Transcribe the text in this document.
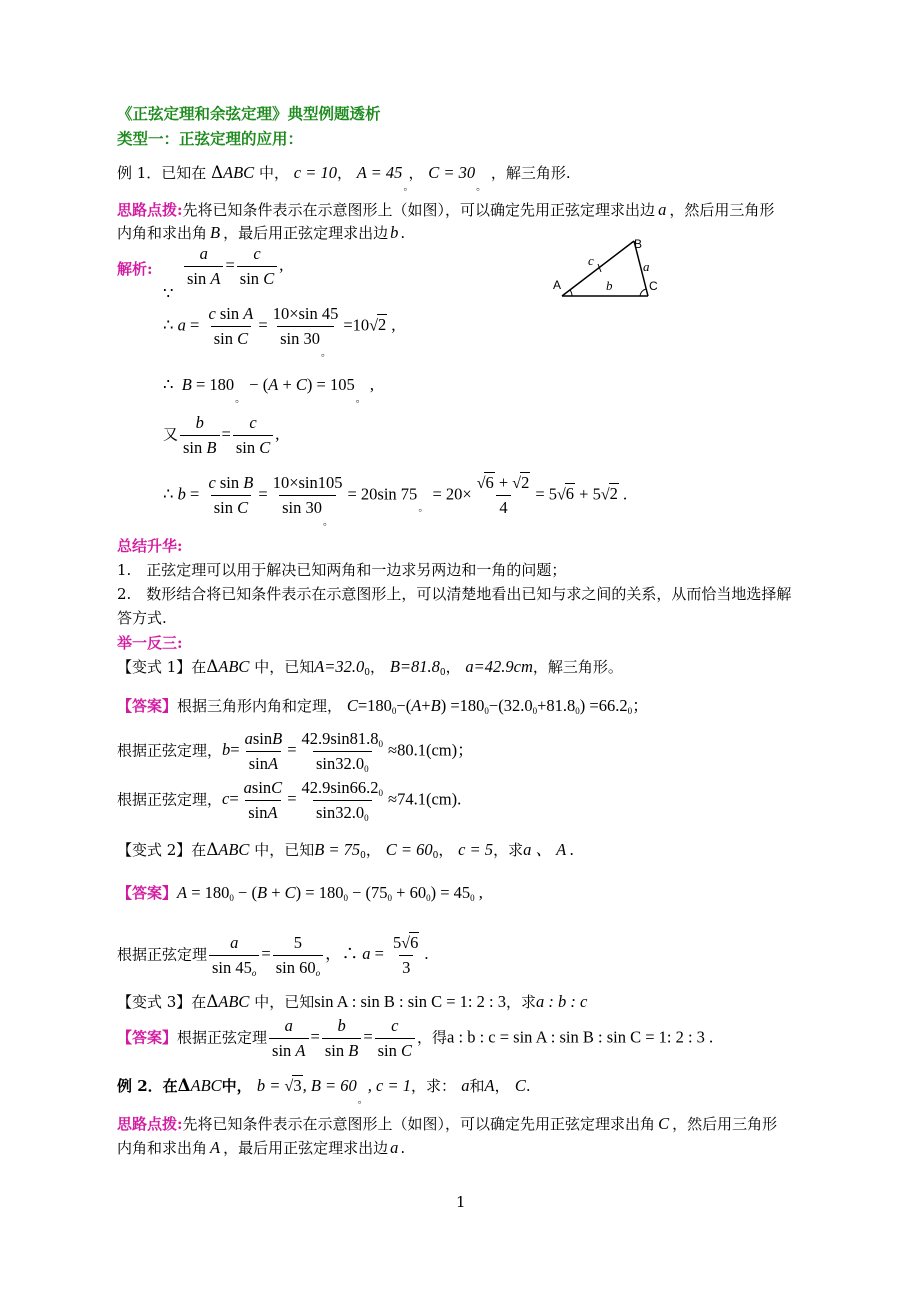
《正弦定理和余弦定理》典型例题透析
类型一：正弦定理的应用：
例 1．已知在 ΔABC 中， c = 10， $A = 45_。$， $C = 30_。$ ，解三角形.
思路点拨:先将已知条件表示在示意图形上（如图），可以确定先用正弦定理求出边 a ，然后用三角形
内角和求出角 B ，最后用正弦定理求出边 b .
解析: $\frac{a}{\text{sin A}} = \frac{c}{\text{sin C}}$ ,
∵
B
a
c
A	b	C
∴ $a = \frac{\text{c sin A}}{\text{sin C}} = \frac{10\times\sin 45}{\sin 30_。} =10√2$ ,
∴  $B = 180_。 - (A + C) = 105_。$ ,
又 $\frac{b}{\text{sin B}} = \frac{c}{\text{sin C}}$ ,
∴ $b = \frac{\text{c sin B}}{\text{sin C}} = \frac{10\times\sin 105}{\sin 30_。} = 20\sin$ $75_。 = 20\times \frac{√6 + √2}{4} = 5√6 + 5√2$ .
总结升华:
1.　正弦定理可以用于解决已知两角和一边求另两边和一角的问题；
2.　数形结合将已知条件表示在示意图形上，可以清楚地看出已知与求之间的关系，从而恰当地选择解
答方式.
举一反三:
【变式 1】在ΔABC 中，已知$A=32.0_0$， $B=81.8_0$， a=42.9cm，解三角形。
【答案】根据三角形内角和定理， C=1800−(A+B) =1800−(32.00+81.80) =66.20；
根据正弦定理，$b= \frac{asinB}{\sin A} = \frac{42.9\sin 81.80}{\sin 32.00} \approx 80.1(cm)$；
根据正弦定理，$c= \frac{asinC}{\sin A} = \frac{42.9\sin 66.20}{\sin 32.00} \approx 74.1(cm)$.
【变式 2】在ΔABC 中，已知$B = 75_0$， $C = 60_0$， c = 5，求a 、 A .
【答案】A = 1800 − (B + C) = 1800 − (750 + 600) = 450 ,
根据正弦定理 $\frac{a}{\sin 45o} = \frac{5}{\sin 60o}$ ，∴ $a = \frac{5√6}{3}$ .
【变式 3】在ΔABC 中，已知sin A : sin B : sin C = 1: 2 : 3，求a : b : c
【答案】根据正弦定理 $\frac{a}{\text{sin A}} = \frac{b}{\text{sin B}} = \frac{c}{\text{sin C}}$ ，得a : b : c = sin A : sin B : sin C = 1: 2 : 3 .
例 2．在ΔABC中， b = √3, $B = 60_。$, c = 1，求： a和A， C.
思路点拨:先将已知条件表示在示意图形上（如图），可以确定先用正弦定理求出角 C ，然后用三角形
内角和求出角 A ，最后用正弦定理求出边 a .
1
